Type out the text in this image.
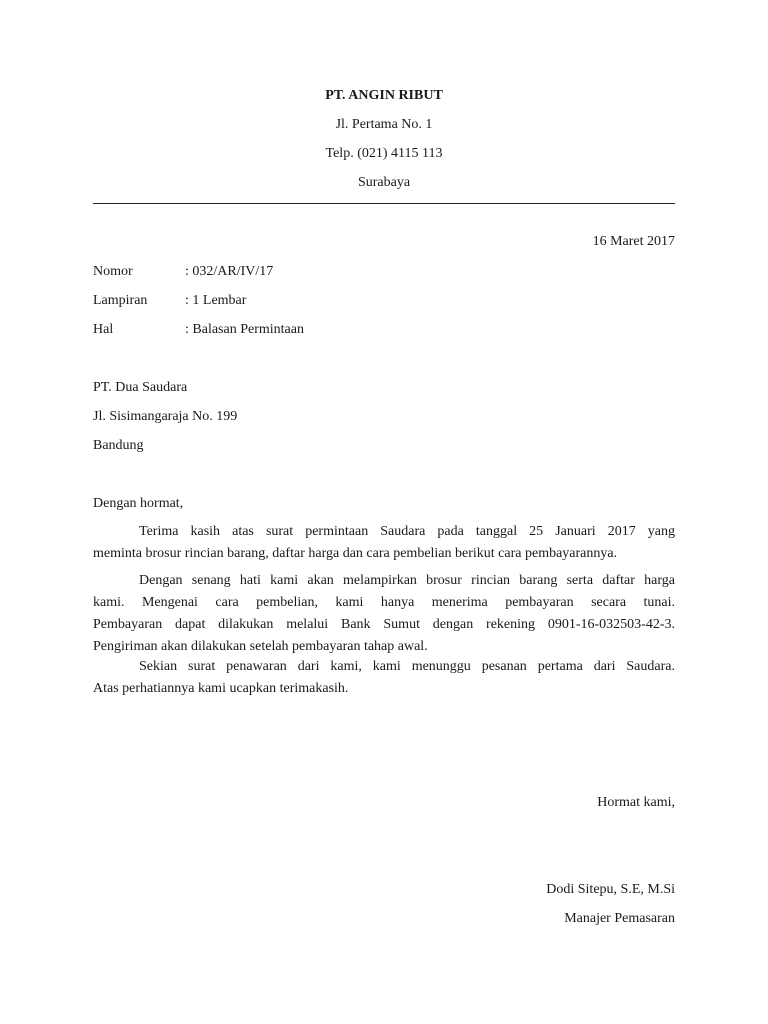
PT. ANGIN RIBUT
Jl. Pertama No. 1
Telp. (021) 4115 113
Surabaya
16 Maret 2017
Nomor	: 032/AR/IV/17
Lampiran	: 1 Lembar
Hal	: Balasan Permintaan
PT. Dua Saudara
Jl. Sisimangaraja No. 199
Bandung
Dengan hormat,
Terima kasih atas surat permintaan Saudara pada tanggal 25 Januari 2017 yang
meminta brosur rincian barang, daftar harga dan cara pembelian berikut cara pembayarannya.
Dengan senang hati kami akan melampirkan brosur rincian barang serta daftar harga
kami. Mengenai cara pembelian, kami hanya menerima pembayaran secara tunai.
Pembayaran dapat dilakukan melalui Bank Sumut dengan rekening 0901-16-032503-42-3.
Pengiriman akan dilakukan setelah pembayaran tahap awal.
Sekian surat penawaran dari kami, kami menunggu pesanan pertama dari Saudara.
Atas perhatiannya kami ucapkan terimakasih.
Hormat kami,
Dodi Sitepu, S.E, M.Si
Manajer Pemasaran
